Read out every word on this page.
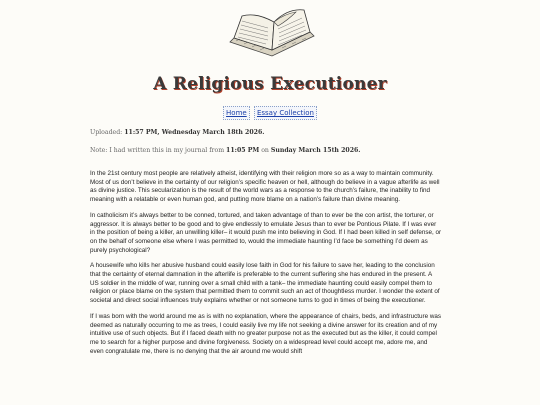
A Religious Executioner
Home Essay Collection
Uploaded: 11:57 PM, Wednesday March 18th 2026.
Note: I had written this in my journal from 11:05 PM on Sunday March 15th 2026.

In the 21st century most people are relatively atheist, identifying with their religion more so as a way to maintain community. Most of us don’t believe in the certainty of our religion’s specific heaven or hell, although do believe in a vague afterlife as well as divine justice. This secularization is the result of the world wars as a response to the church’s failure, the inability to find meaning with a relatable or even human god, and putting more blame on a nation’s failure than divine meaning.

In catholicism it’s always better to be conned, tortured, and taken advantage of than to ever be the con artist, the torturer, or aggressor. It is always better to be good and to give endlessly to emulate Jesus than to ever be Pontious Pilate. If I was ever in the position of being a killer, an unwilling killer– it would push me into believing in God. If I had been killed in self defense, or on the behalf of someone else where I was permitted to, would the immediate haunting I’d face be something I’d deem as purely psychological?

A housewife who kills her abusive husband could easily lose faith in God for his failure to save her, leading to the conclusion that the certainty of eternal damnation in the afterlife is preferable to the current suffering she has endured in the present. A US soldier in the middle of war, running over a small child with a tank– the immediate haunting could easily compel them to religion or place blame on the system that permitted them to commit such an act of thoughtless murder. I wonder the extent of societal and direct social influences truly explains whether or not someone turns to god in times of being the executioner.

If I was born with the world around me as is with no explanation, where the appearance of chairs, beds, and infrastructure was deemed as naturally occurring to me as trees, I could easily live my life not seeking a divine answer for its creation and of my intuitive use of such objects. But if I faced death with no greater purpose not as the executed but as the killer, it could compel me to search for a higher purpose and divine forgiveness. Society on a widespread level could accept me, adore me, and even congratulate me, there is no denying that the air around me would shift
